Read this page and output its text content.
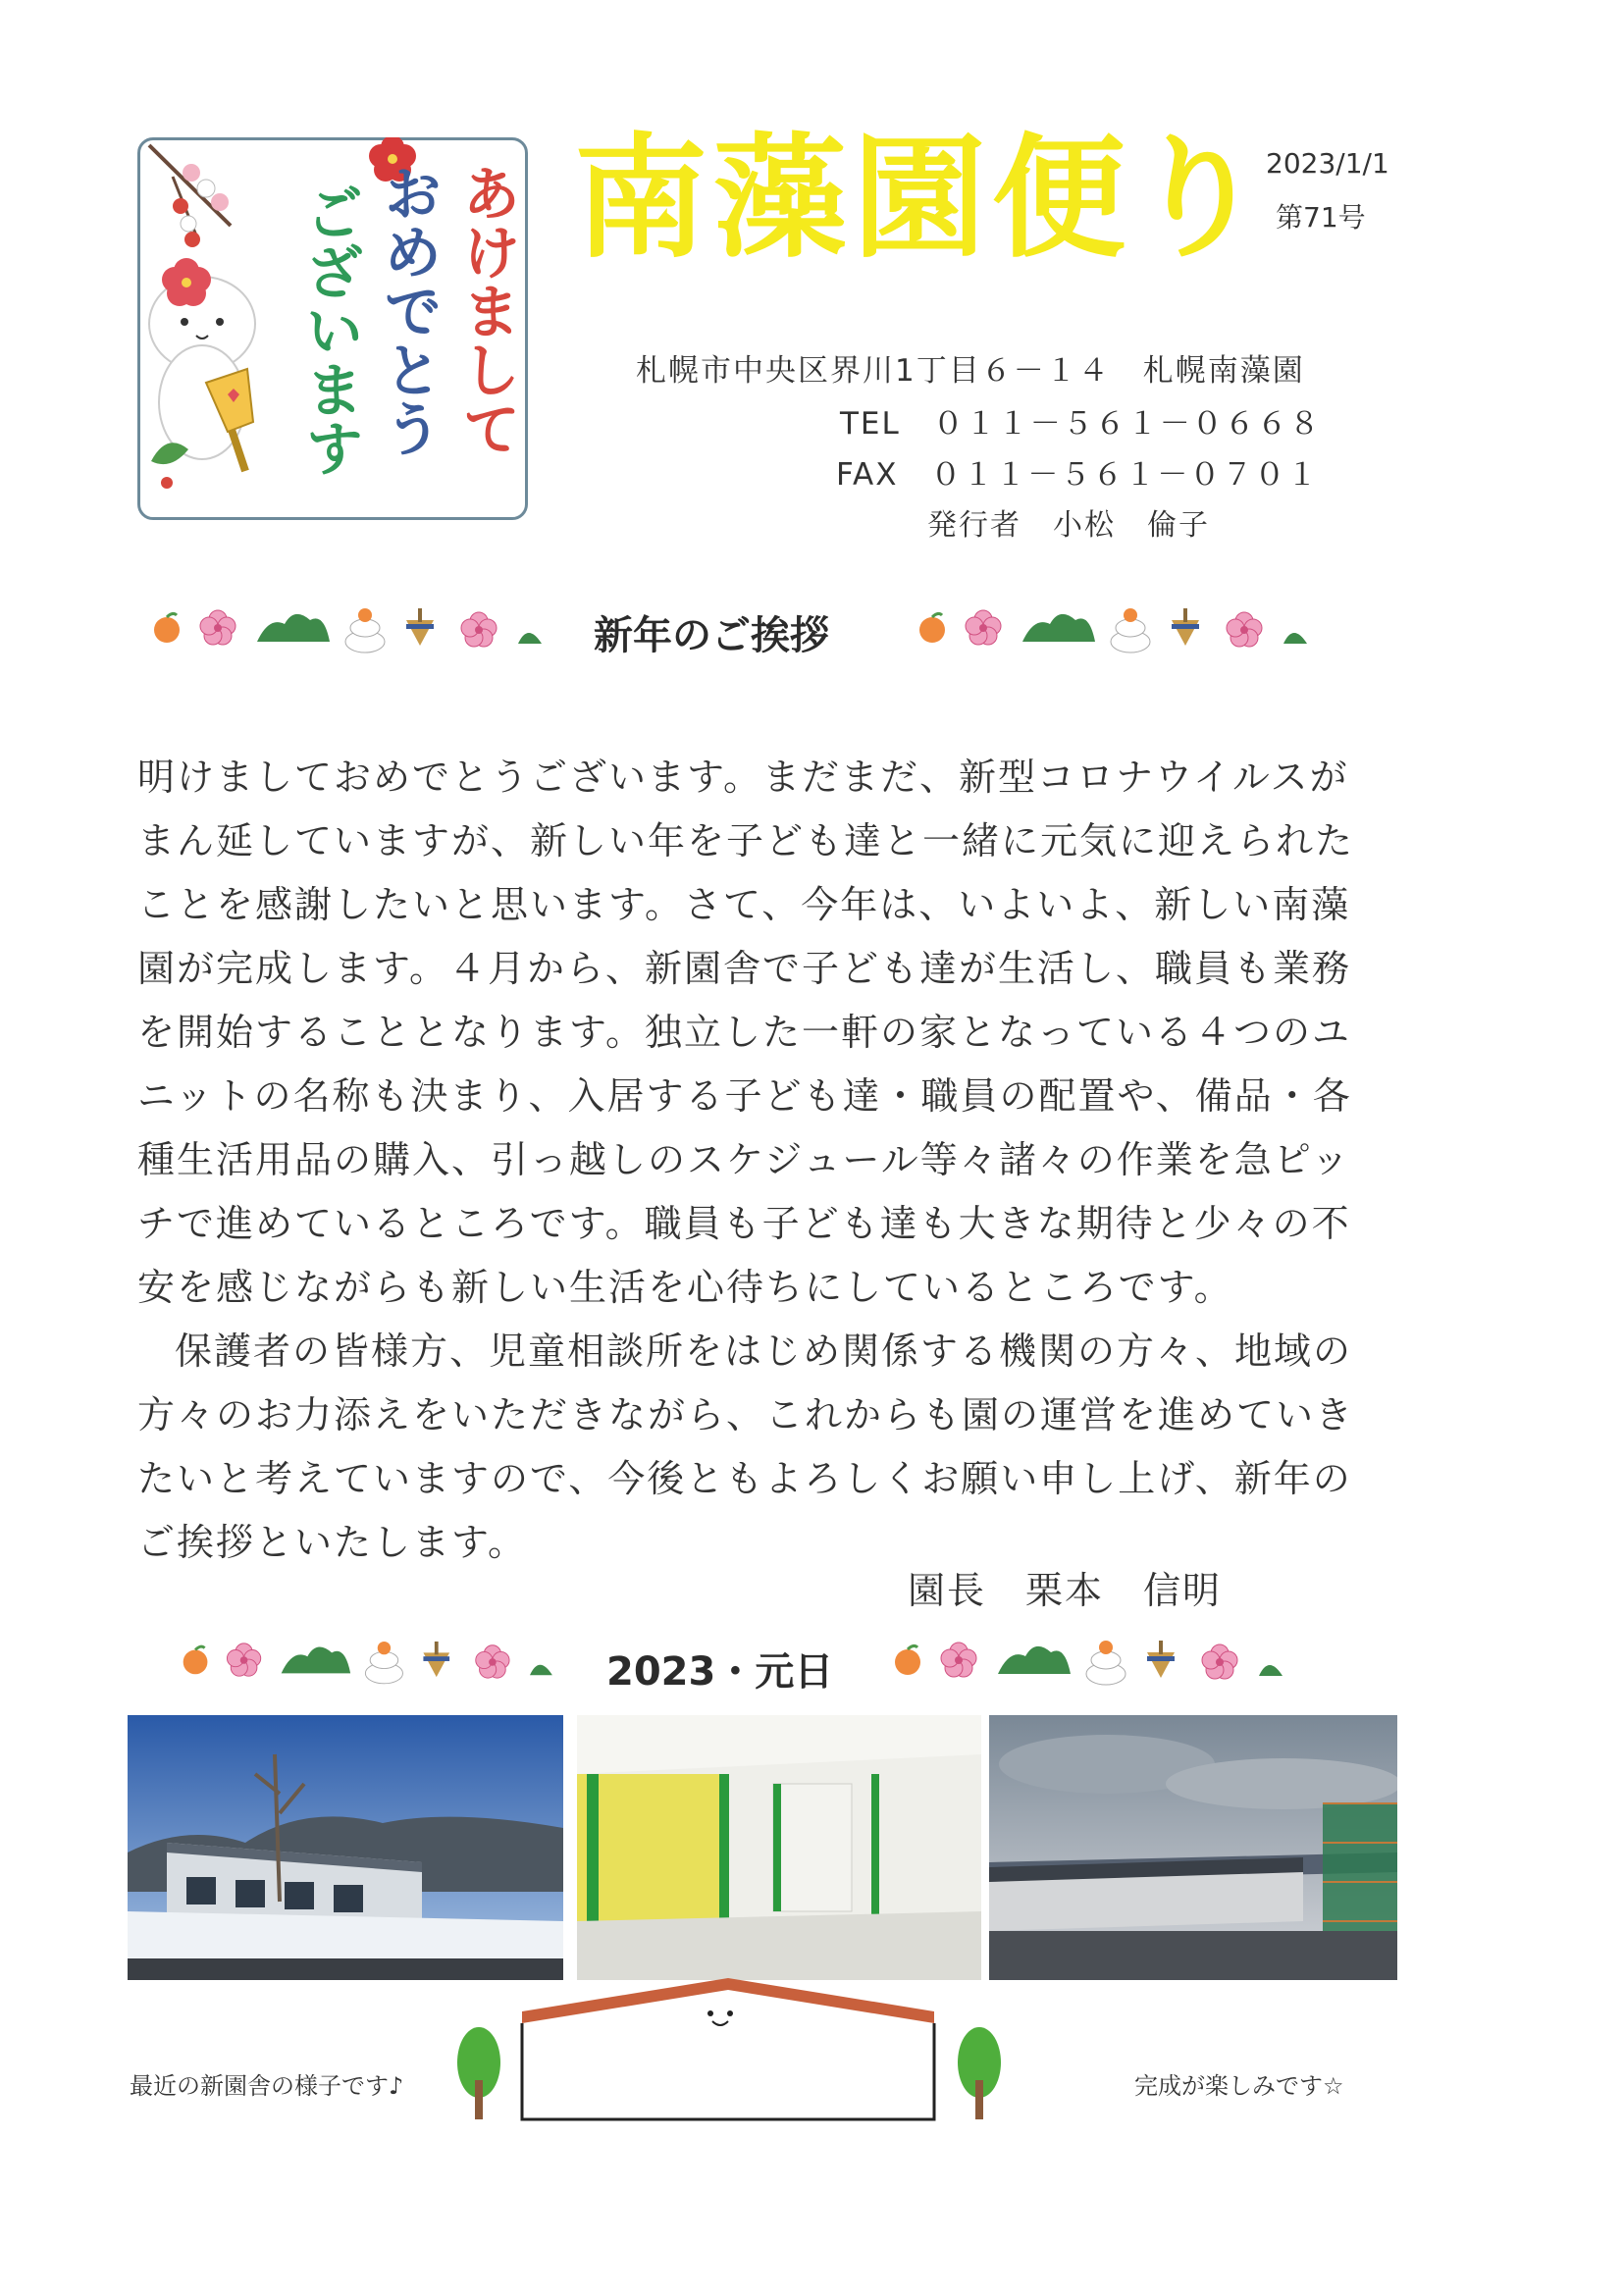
あけまして
おめでとう
ございます 南藻園便り
2023/1/1
第71号
札幌市中央区界川1丁目６－１４　札幌南藻園
TEL　０１１－５６１－０６６８
FAX　０１１－５６１－０７０１
発行者　小松　倫子
新年のご挨拶

明けましておめでとうございます。まだまだ、新型コロナウイルスがまん延していますが、新しい年を子ども達と一緒に元気に迎えられたことを感謝したいと思います。さて、今年は、いよいよ、新しい南藻園が完成します。４月から、新園舎で子ども達が生活し、職員も業務を開始することとなります。独立した一軒の家となっている４つのユニットの名称も決まり、入居する子ども達・職員の配置や、備品・各種生活用品の購入、引っ越しのスケジュール等々諸々の作業を急ピッチで進めているところです。職員も子ども達も大きな期待と少々の不安を感じながらも新しい生活を心待ちにしているところです。

保護者の皆様方、児童相談所をはじめ関係する機関の方々、地域の方々のお力添えをいただきながら、これからも園の運営を進めていきたいと考えていますので、今後ともよろしくお願い申し上げ、新年のご挨拶といたします。

園長　栗本　信明
2023・元日
最近の新園舎の様子です♪	完成が楽しみです☆
